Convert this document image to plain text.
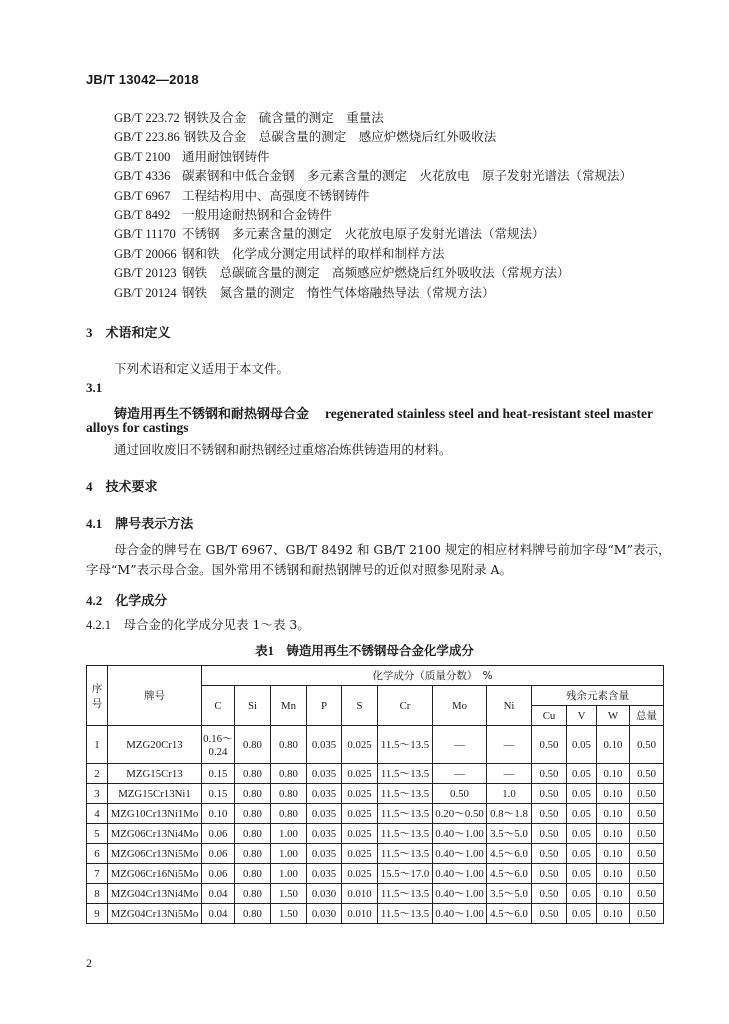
JB/T 13042—2018
GB/T 223.72 钢铁及合金　硫含量的测定　重量法
GB/T 223.86 钢铁及合金　总碳含量的测定　感应炉燃烧后红外吸收法
GB/T 2100 通用耐蚀钢铸件
GB/T 4336 碳素钢和中低合金钢　多元素含量的测定　火花放电　原子发射光谱法（常规法）
GB/T 6967 工程结构用中、高强度不锈钢铸件
GB/T 8492 一般用途耐热钢和合金铸件
GB/T 11170 不锈钢　多元素含量的测定　火花放电原子发射光谱法（常规法）
GB/T 20066 钢和铁　化学成分测定用试样的取样和制样方法
GB/T 20123 钢铁　总碳硫含量的测定　高频感应炉燃烧后红外吸收法（常规方法）
GB/T 20124 钢铁　氮含量的测定　惰性气体熔融热导法（常规方法）
3　 术语和定义
下列术语和定义适用于本文件。
3.1
铸造用再生不锈钢和耐热钢母合金　 regenerated stainless steel and heat-resistant steel master
alloys for castings
通过回收废旧不锈钢和耐热钢经过重熔冶炼供铸造用的材料。
4　 技术要求
4.1　 牌号表示方法
母合金的牌号在 GB/T 6967、GB/T 8492 和 GB/T 2100 规定的相应材料牌号前加字母“M”表示，
字母“M”表示母合金。国外常用不锈钢和耐热钢牌号的近似对照参见附录 A。
4.2　 化学成分
4.2.1　 母合金的化学成分见表 1～表 3。
表1　 铸造用再生不锈钢母合金化学成分
序
号	牌号	化学成分（质量分数）　%											
		C	Si	Mn	P	S	Cr	Mo	Ni	残余元素含量			
										Cu	V	W	总量
1	MZG20Cr13	0.16～
0.24	0.80	0.80	0.035	0.025	11.5～13.5	—	—	0.50	0.05	0.10	0.50
2	MZG15Cr13	0.15	0.80	0.80	0.035	0.025	11.5～13.5	—	—	0.50	0.05	0.10	0.50
3	MZG15Cr13Ni1	0.15	0.80	0.80	0.035	0.025	11.5～13.5	0.50	1.0	0.50	0.05	0.10	0.50
4	MZG10Cr13Ni1Mo	0.10	0.80	0.80	0.035	0.025	11.5～13.5	0.20～0.50	0.8～1.8	0.50	0.05	0.10	0.50
5	MZG06Cr13Ni4Mo	0.06	0.80	1.00	0.035	0.025	11.5～13.5	0.40～1.00	3.5～5.0	0.50	0.05	0.10	0.50
6	MZG06Cr13Ni5Mo	0.06	0.80	1.00	0.035	0.025	11.5～13.5	0.40～1.00	4.5～6.0	0.50	0.05	0.10	0.50
7	MZG06Cr16Ni5Mo	0.06	0.80	1.00	0.035	0.025	15.5～17.0	0.40～1.00	4.5～6.0	0.50	0.05	0.10	0.50
8	MZG04Cr13Ni4Mo	0.04	0.80	1.50	0.030	0.010	11.5～13.5	0.40～1.00	3.5～5.0	0.50	0.05	0.10	0.50
9	MZG04Cr13Ni5Mo	0.04	0.80	1.50	0.030	0.010	11.5～13.5	0.40～1.00	4.5～6.0	0.50	0.05	0.10	0.50
2
